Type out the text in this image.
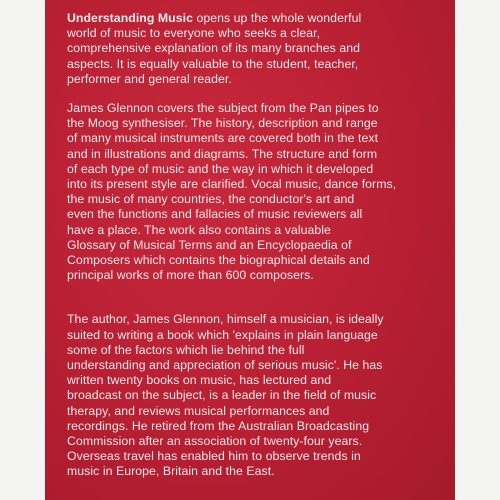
Understanding Music opens up the whole wonderful
world of music to everyone who seeks a clear,
comprehensive explanation of its many branches and
aspects. It is equally valuable to the student, teacher,
performer and general reader.

James Glennon covers the subject from the Pan pipes to
the Moog synthesiser. The history, description and range
of many musical instruments are covered both in the text
and in illustrations and diagrams. The structure and form
of each type of music and the way in which it developed
into its present style are clarified. Vocal music, dance forms,
the music of many countries, the conductor's art and
even the functions and fallacies of music reviewers all
have a place. The work also contains a valuable
Glossary of Musical Terms and an Encyclopaedia of
Composers which contains the biographical details and
principal works of more than 600 composers.

The author, James Glennon, himself a musician, is ideally
suited to writing a book which 'explains in plain language
some of the factors which lie behind the full
understanding and appreciation of serious music'. He has
written twenty books on music, has lectured and
broadcast on the subject, is a leader in the field of music
therapy, and reviews musical performances and
recordings. He retired from the Australian Broadcasting
Commission after an association of twenty-four years.
Overseas travel has enabled him to observe trends in
music in Europe, Britain and the East.
